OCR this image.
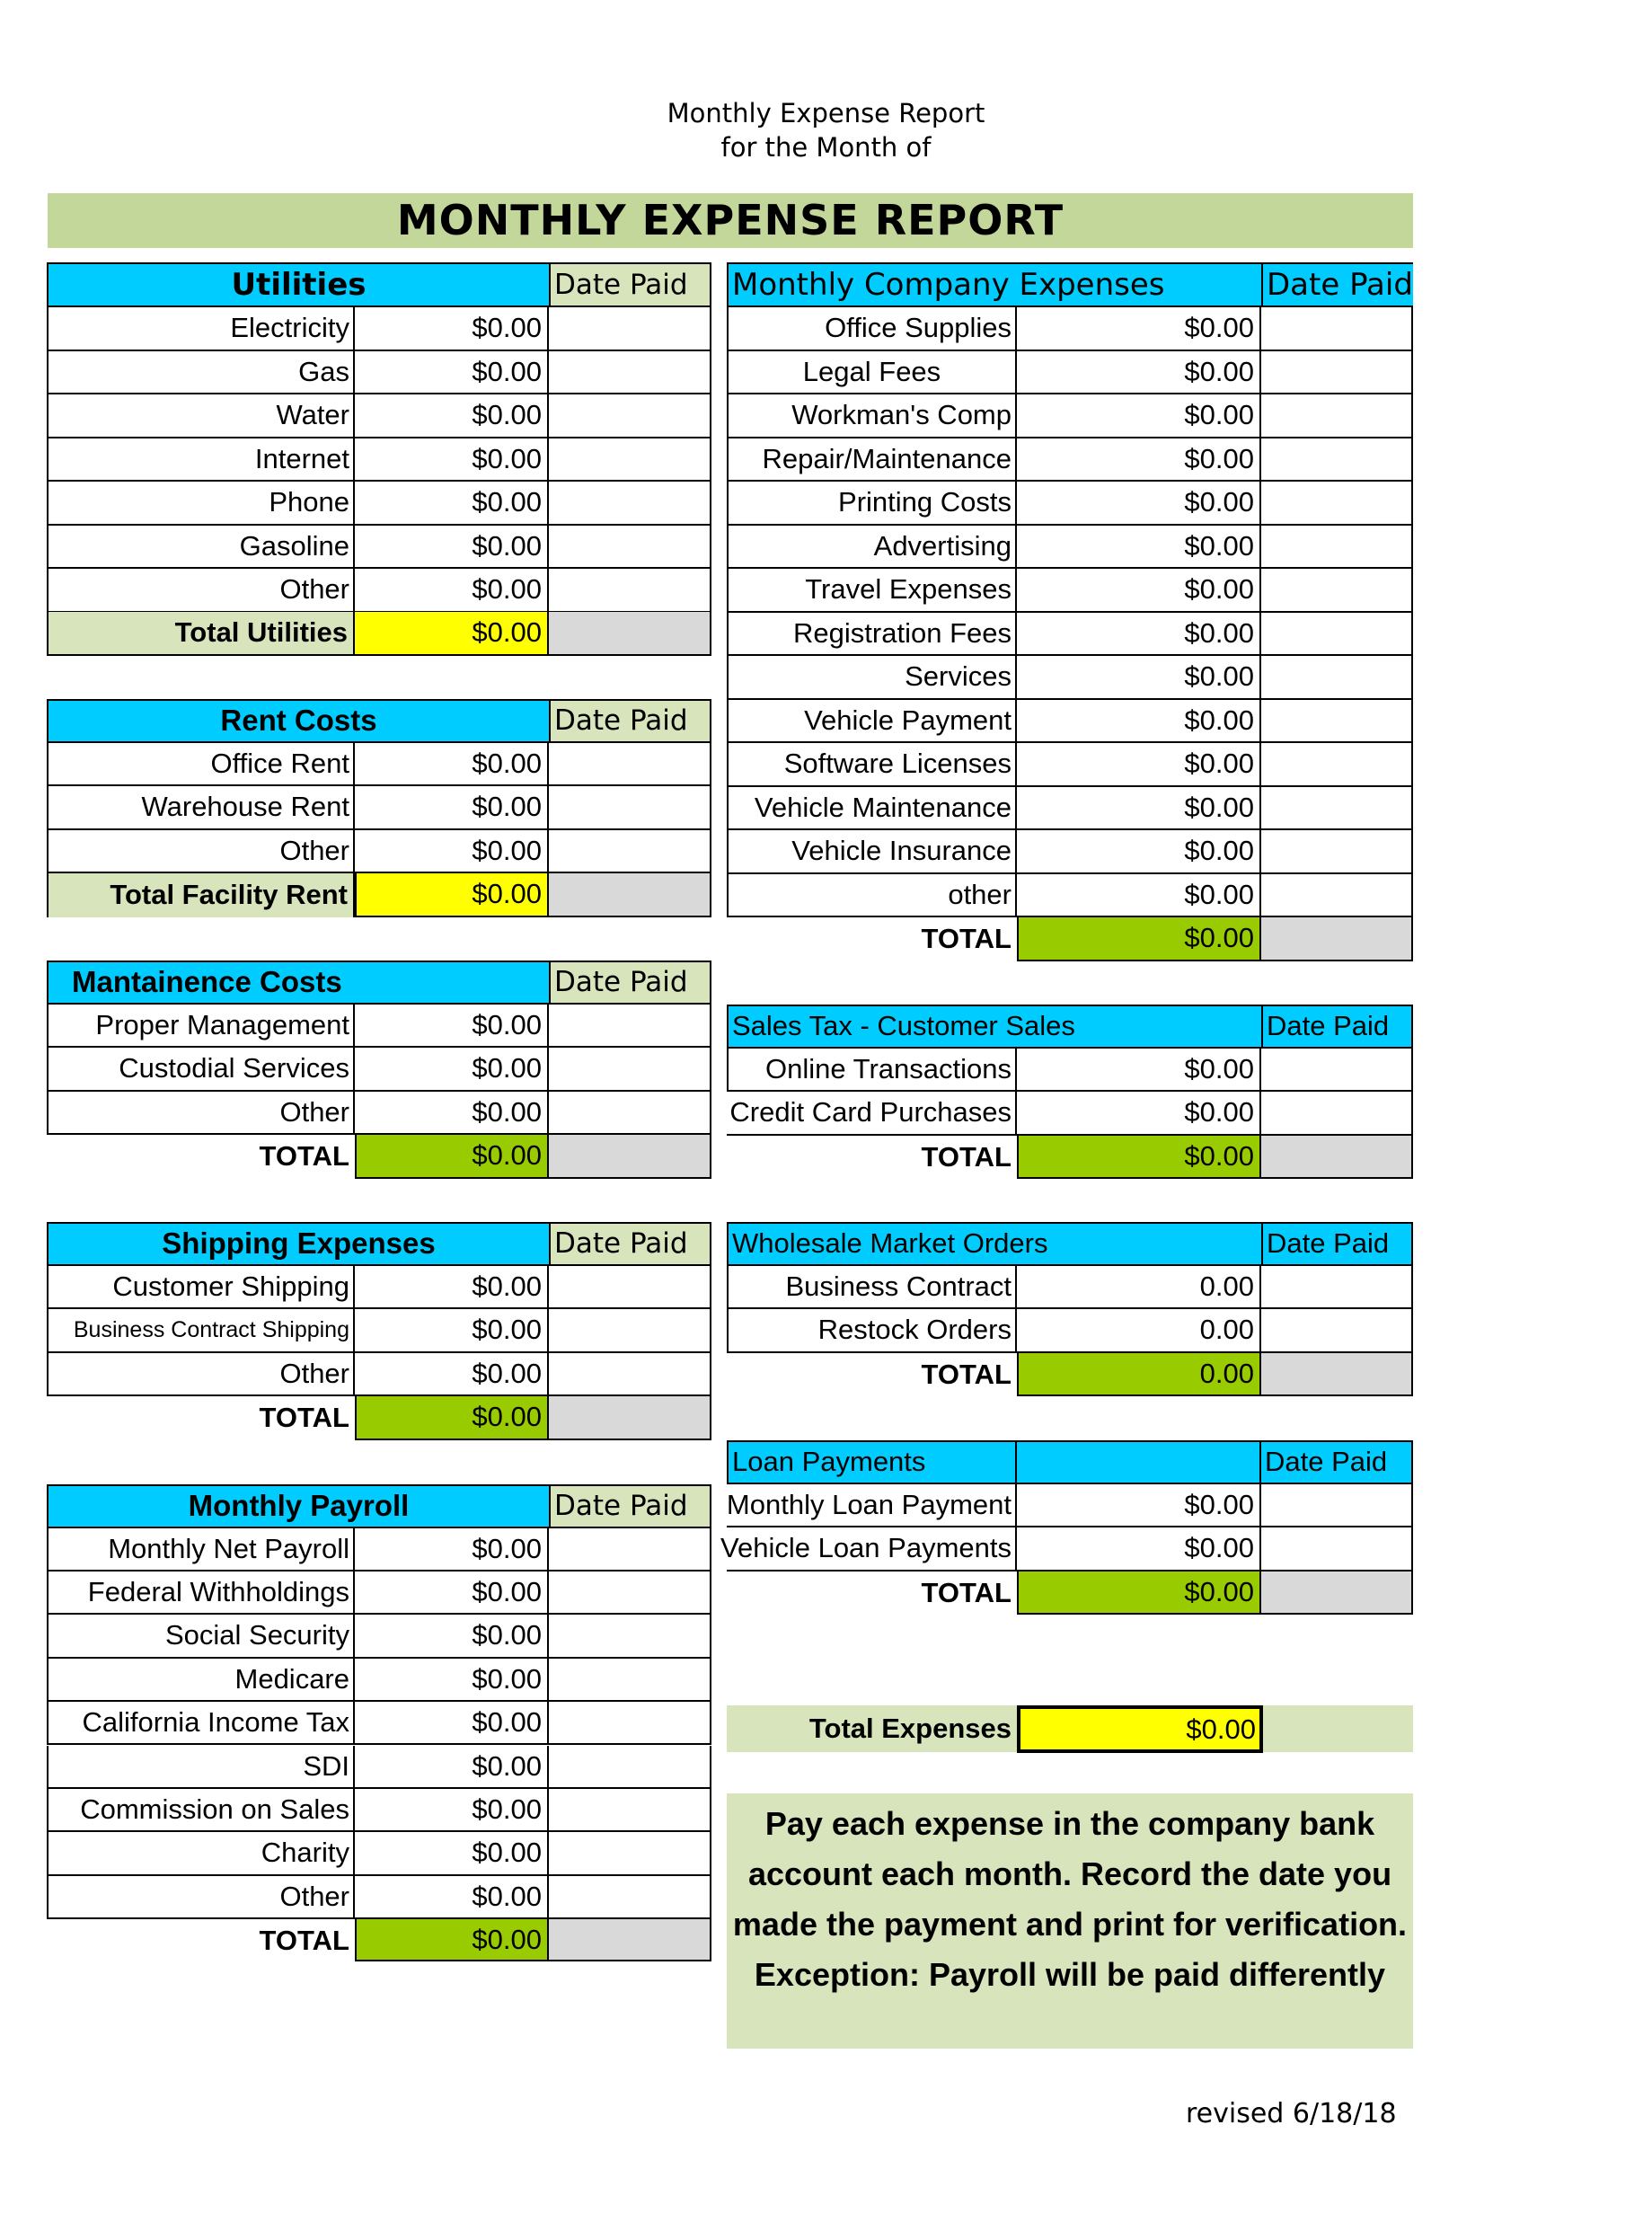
Monthly Expense Report
for the Month of
MONTHLY EXPENSE REPORT
Utilities	Date Paid
Electricity	$0.00
Gas	$0.00
Water	$0.00
Internet	$0.00
Phone	$0.00
Gasoline	$0.00
Other	$0.00
Total Utilities	$0.00
Rent Costs	Date Paid
Office Rent	$0.00
Warehouse Rent	$0.00
Other	$0.00
Total Facility Rent	$0.00
Mantainence Costs	Date Paid
Proper Management	$0.00
Custodial Services	$0.00
Other	$0.00
TOTAL	$0.00
Shipping Expenses	Date Paid
Customer Shipping	$0.00
Business Contract Shipping	$0.00
Other	$0.00
TOTAL	$0.00
Monthly Payroll	Date Paid
Monthly Net Payroll	$0.00
Federal Withholdings	$0.00
Social Security	$0.00
Medicare	$0.00
California Income Tax	$0.00
SDI	$0.00
Commission on Sales	$0.00
Charity	$0.00
Other	$0.00
TOTAL	$0.00
Monthly Company Expenses	Date Paid
Office Supplies	$0.00
Legal Fees	$0.00
Workman's Comp	$0.00
Repair/Maintenance	$0.00
Printing Costs	$0.00
Advertising	$0.00
Travel Expenses	$0.00
Registration Fees	$0.00
Services	$0.00
Vehicle Payment	$0.00
Software Licenses	$0.00
Vehicle Maintenance	$0.00
Vehicle Insurance	$0.00
other	$0.00
TOTAL	$0.00
Sales Tax - Customer Sales	Date Paid
Online Transactions	$0.00
Credit Card Purchases	$0.00
TOTAL	$0.00
Wholesale Market Orders	Date Paid
Business Contract	0.00
Restock Orders	0.00
TOTAL	0.00
Loan Payments	Date Paid
Monthly Loan Payment	$0.00
Vehicle Loan Payments	$0.00
TOTAL	$0.00
Total Expenses	$0.00
Pay each expense in the company bank account each month. Record the date you made the payment and print for verification. Exception: Payroll will be paid differently
revised 6/18/18
